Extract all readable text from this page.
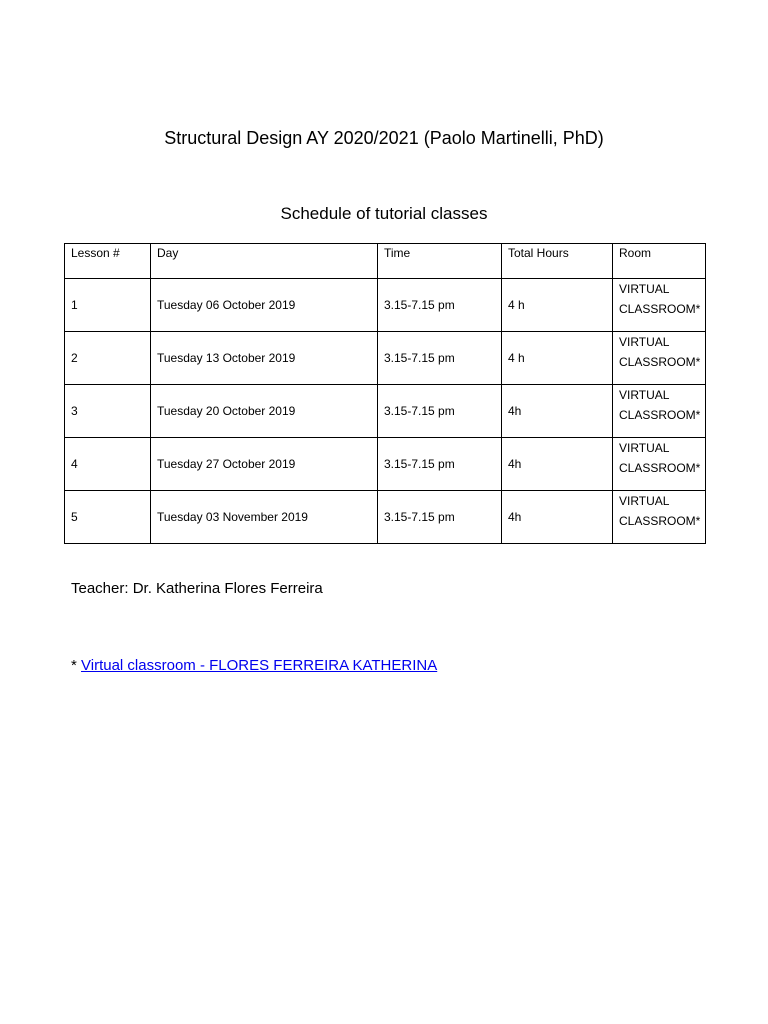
Structural Design AY 2020/2021 (Paolo Martinelli, PhD)
Schedule of tutorial classes
Lesson #	Day	Time	Total Hours	Room
1	Tuesday 06 October 2019	3.15-7.15 pm	4 h	VIRTUAL CLASSROOM*
2	Tuesday 13 October 2019	3.15-7.15 pm	4 h	VIRTUAL CLASSROOM*
3	Tuesday 20 October 2019	3.15-7.15 pm	4h	VIRTUAL CLASSROOM*
4	Tuesday 27 October 2019	3.15-7.15 pm	4h	VIRTUAL CLASSROOM*
5	Tuesday 03 November 2019	3.15-7.15 pm	4h	VIRTUAL CLASSROOM*
Teacher: Dr. Katherina Flores Ferreira
* Virtual classroom - FLORES FERREIRA KATHERINA
